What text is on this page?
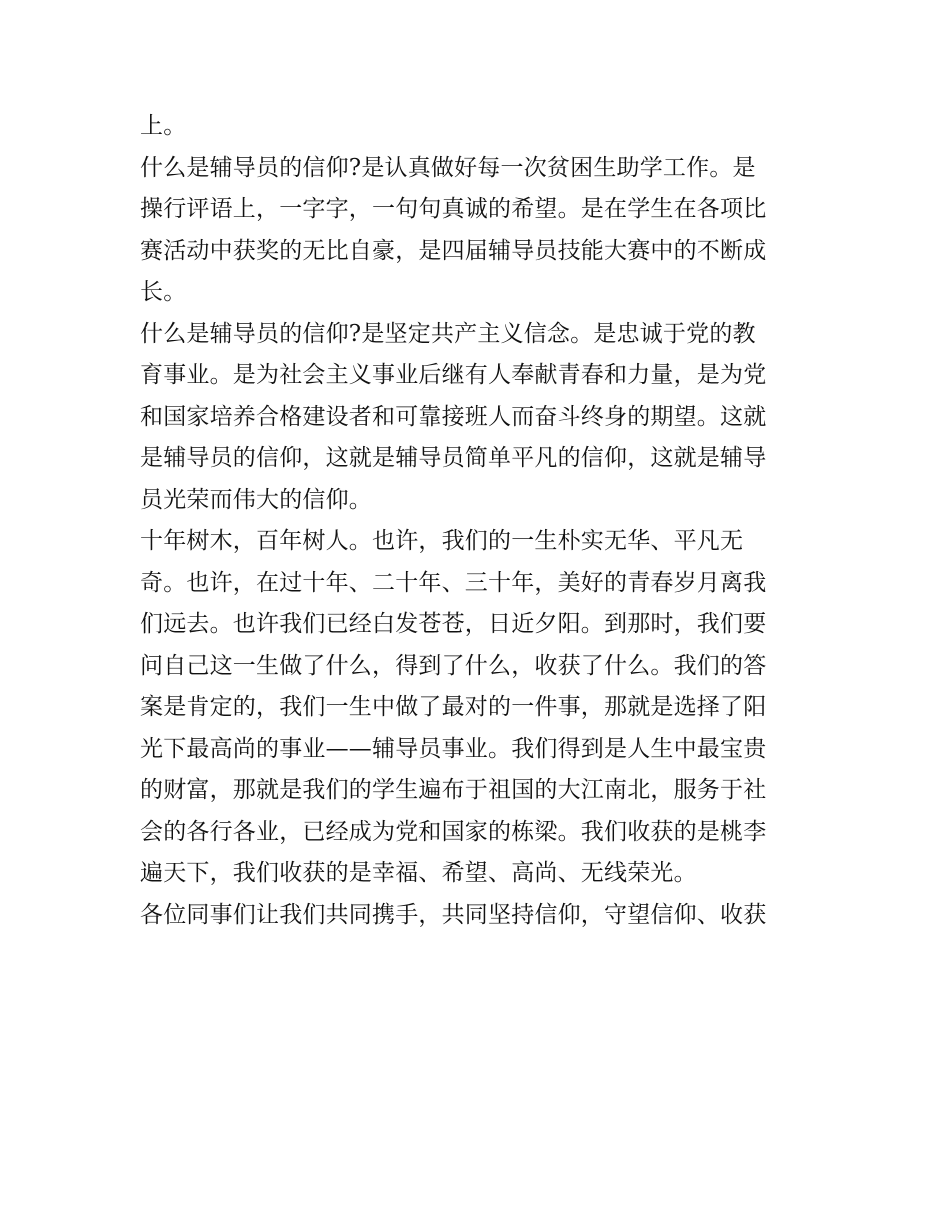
上。
什么是辅导员的信仰?是认真做好每一次贫困生助学工作。是
操行评语上，一字字，一句句真诚的希望。是在学生在各项比
赛活动中获奖的无比自豪，是四届辅导员技能大赛中的不断成
长。
什么是辅导员的信仰?是坚定共产主义信念。是忠诚于党的教
育事业。是为社会主义事业后继有人奉献青春和力量，是为党
和国家培养合格建设者和可靠接班人而奋斗终身的期望。这就
是辅导员的信仰，这就是辅导员简单平凡的信仰，这就是辅导
员光荣而伟大的信仰。
十年树木，百年树人。也许，我们的一生朴实无华、平凡无
奇。也许，在过十年、二十年、三十年，美好的青春岁月离我
们远去。也许我们已经白发苍苍，日近夕阳。到那时，我们要
问自己这一生做了什么，得到了什么，收获了什么。我们的答
案是肯定的，我们一生中做了最对的一件事，那就是选择了阳
光下最高尚的事业——辅导员事业。我们得到是人生中最宝贵
的财富，那就是我们的学生遍布于祖国的大江南北，服务于社
会的各行各业，已经成为党和国家的栋梁。我们收获的是桃李
遍天下，我们收获的是幸福、希望、高尚、无线荣光。
各位同事们让我们共同携手，共同坚持信仰，守望信仰、收获
